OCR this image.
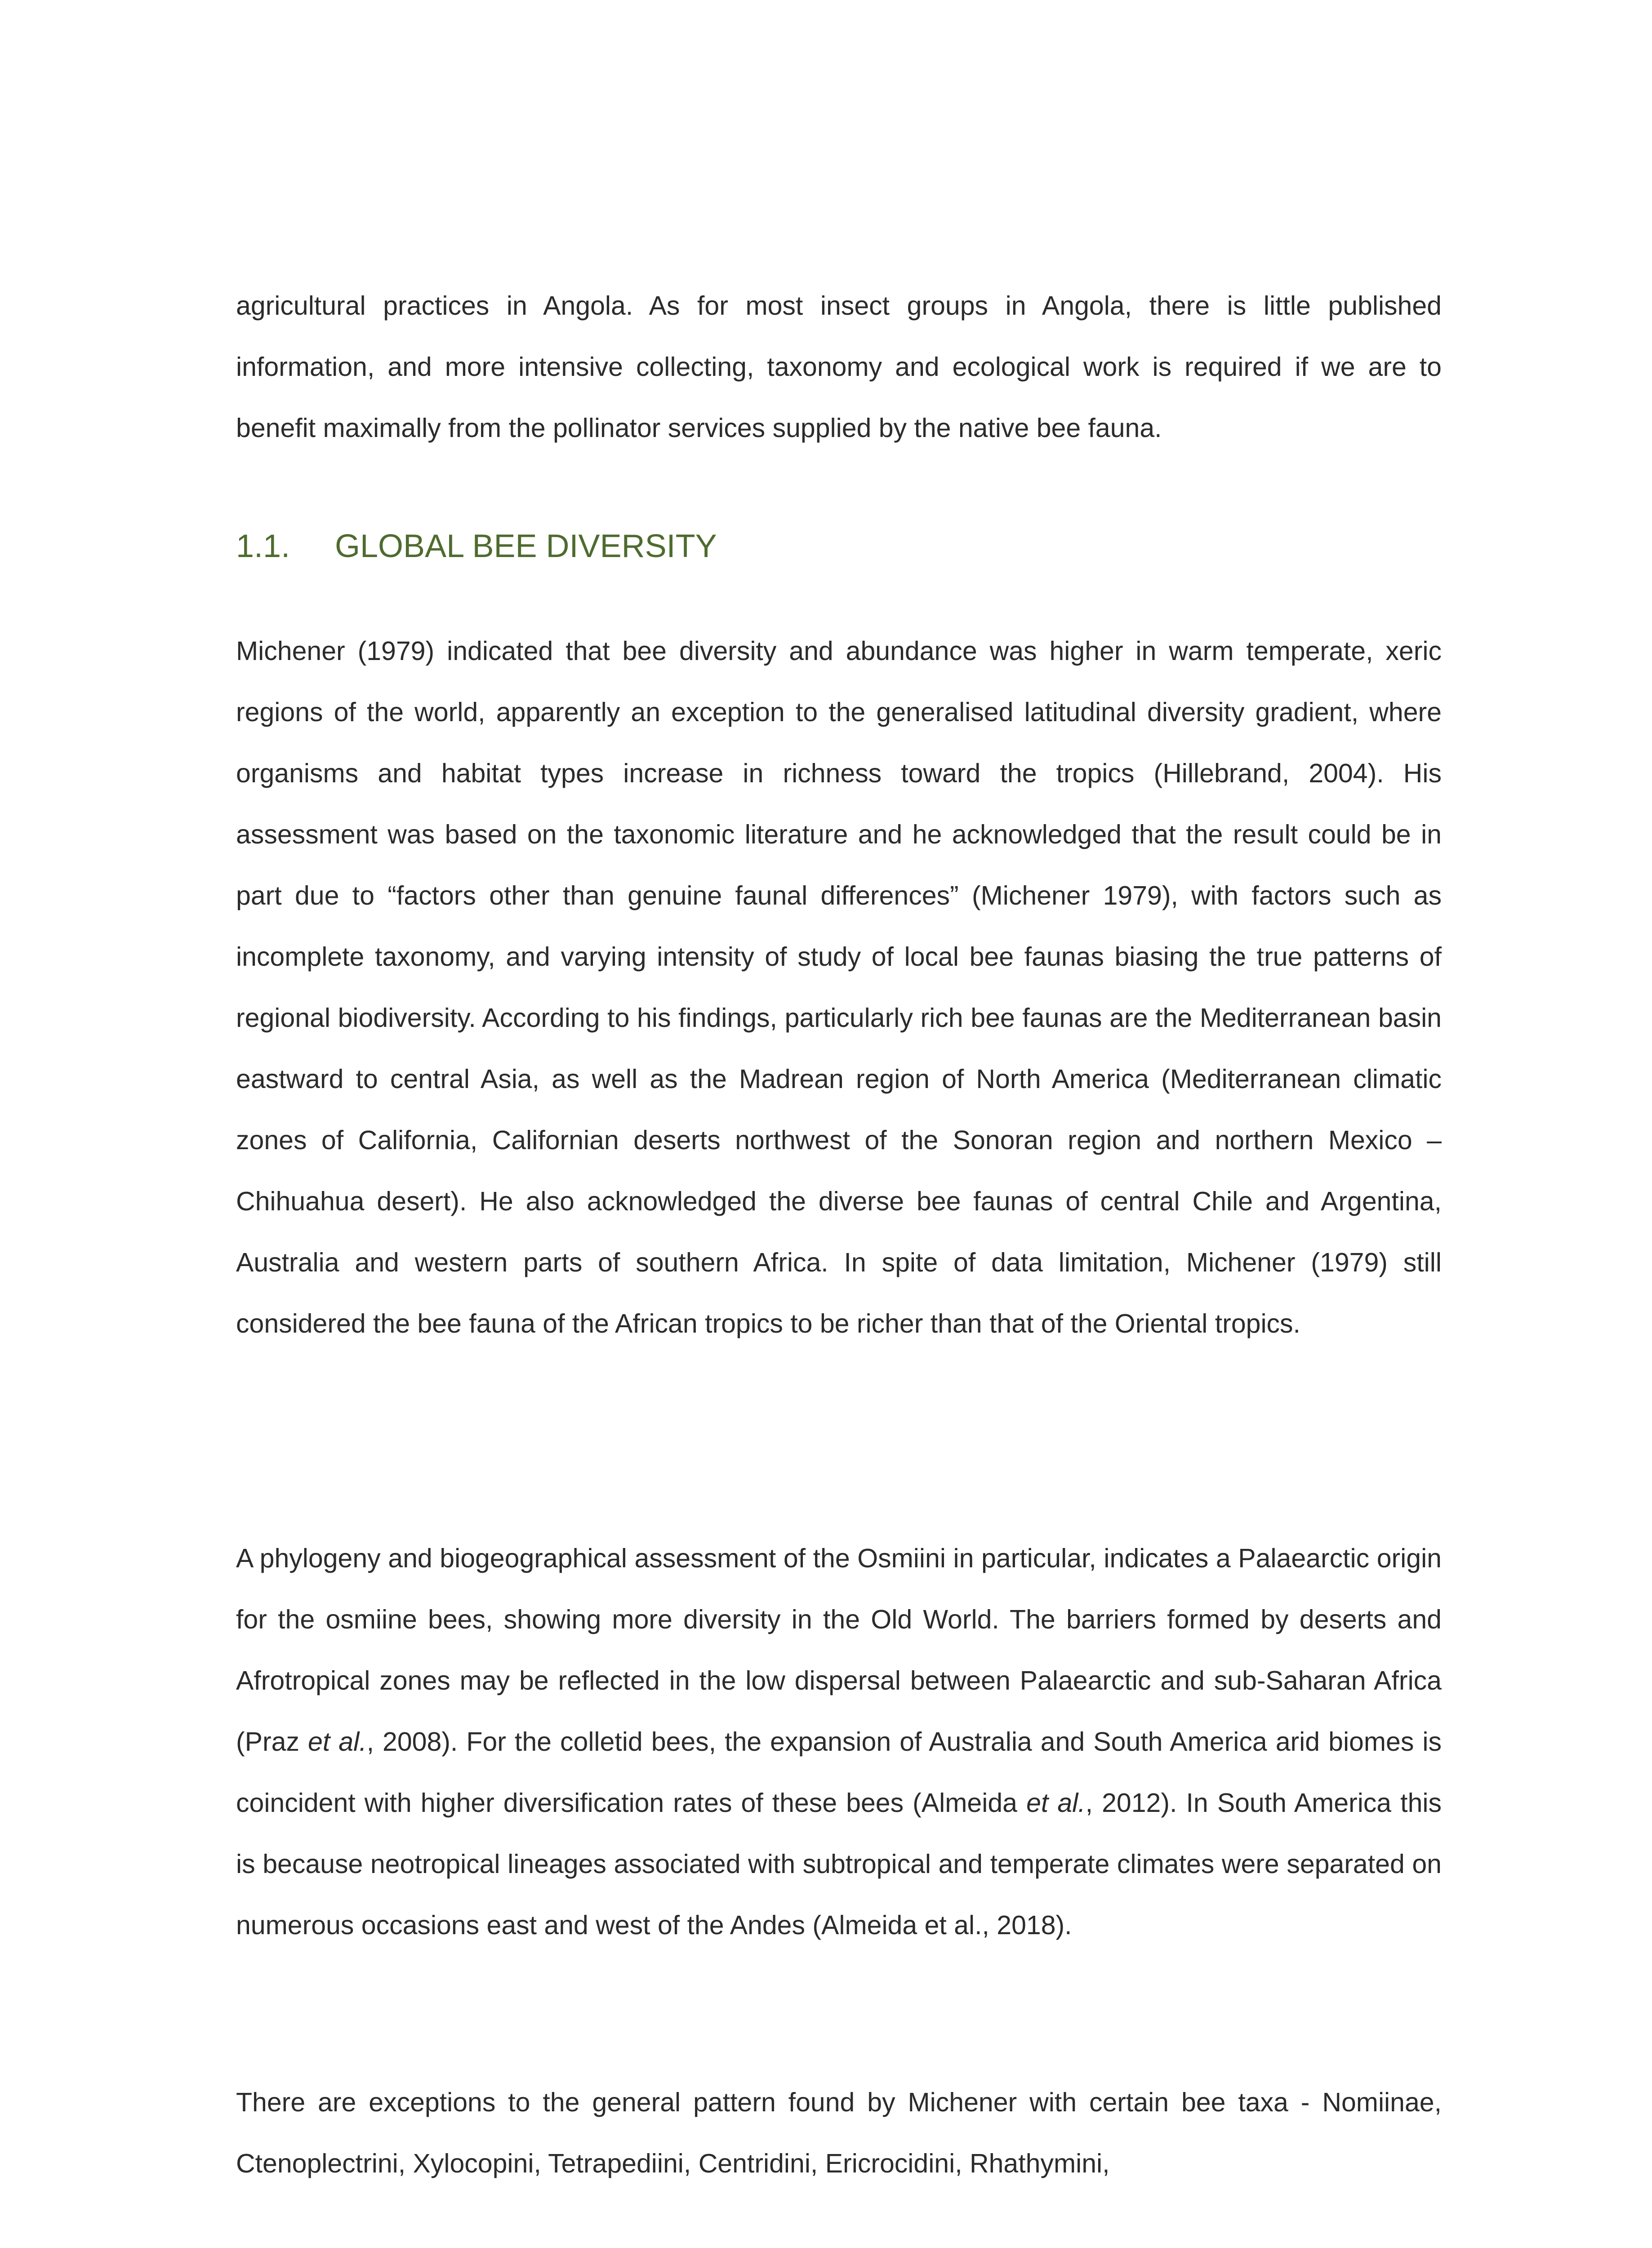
agricultural practices in Angola. As for most insect groups in Angola, there is little published information, and more intensive collecting, taxonomy and ecological work is required if we are to benefit maximally from the pollinator services supplied by the native bee fauna.

1.1. GLOBAL BEE DIVERSITY

Michener (1979) indicated that bee diversity and abundance was higher in warm temperate, xeric regions of the world, apparently an exception to the generalised latitudinal diversity gradient, where organisms and habitat types increase in richness toward the tropics (Hillebrand, 2004). His assessment was based on the taxonomic literature and he acknowledged that the result could be in part due to “factors other than genuine faunal differences” (Michener 1979), with factors such as incomplete taxonomy, and varying intensity of study of local bee faunas biasing the true patterns of regional biodiversity. According to his findings, particularly rich bee faunas are the Mediterranean basin eastward to central Asia, as well as the Madrean region of North America (Mediterranean climatic zones of California, Californian deserts northwest of the Sonoran region and northern Mexico – Chihuahua desert). He also acknowledged the diverse bee faunas of central Chile and Argentina, Australia and western parts of southern Africa. In spite of data limitation, Michener (1979) still considered the bee fauna of the African tropics to be richer than that of the Oriental tropics.

A phylogeny and biogeographical assessment of the Osmiini in particular, indicates a Palaearctic origin for the osmiine bees, showing more diversity in the Old World. The barriers formed by deserts and Afrotropical zones may be reflected in the low dispersal between Palaearctic and sub-Saharan Africa (Praz et al., 2008). For the colletid bees, the expansion of Australia and South America arid biomes is coincident with higher diversification rates of these bees (Almeida et al., 2012). In South America this is because neotropical lineages associated with subtropical and temperate climates were separated on numerous occasions east and west of the Andes (Almeida et al., 2018).

There are exceptions to the general pattern found by Michener with certain bee taxa - Nomiinae, Ctenoplectrini, Xylocopini, Tetrapediini, Centridini, Ericrocidini, Rhathymini,
